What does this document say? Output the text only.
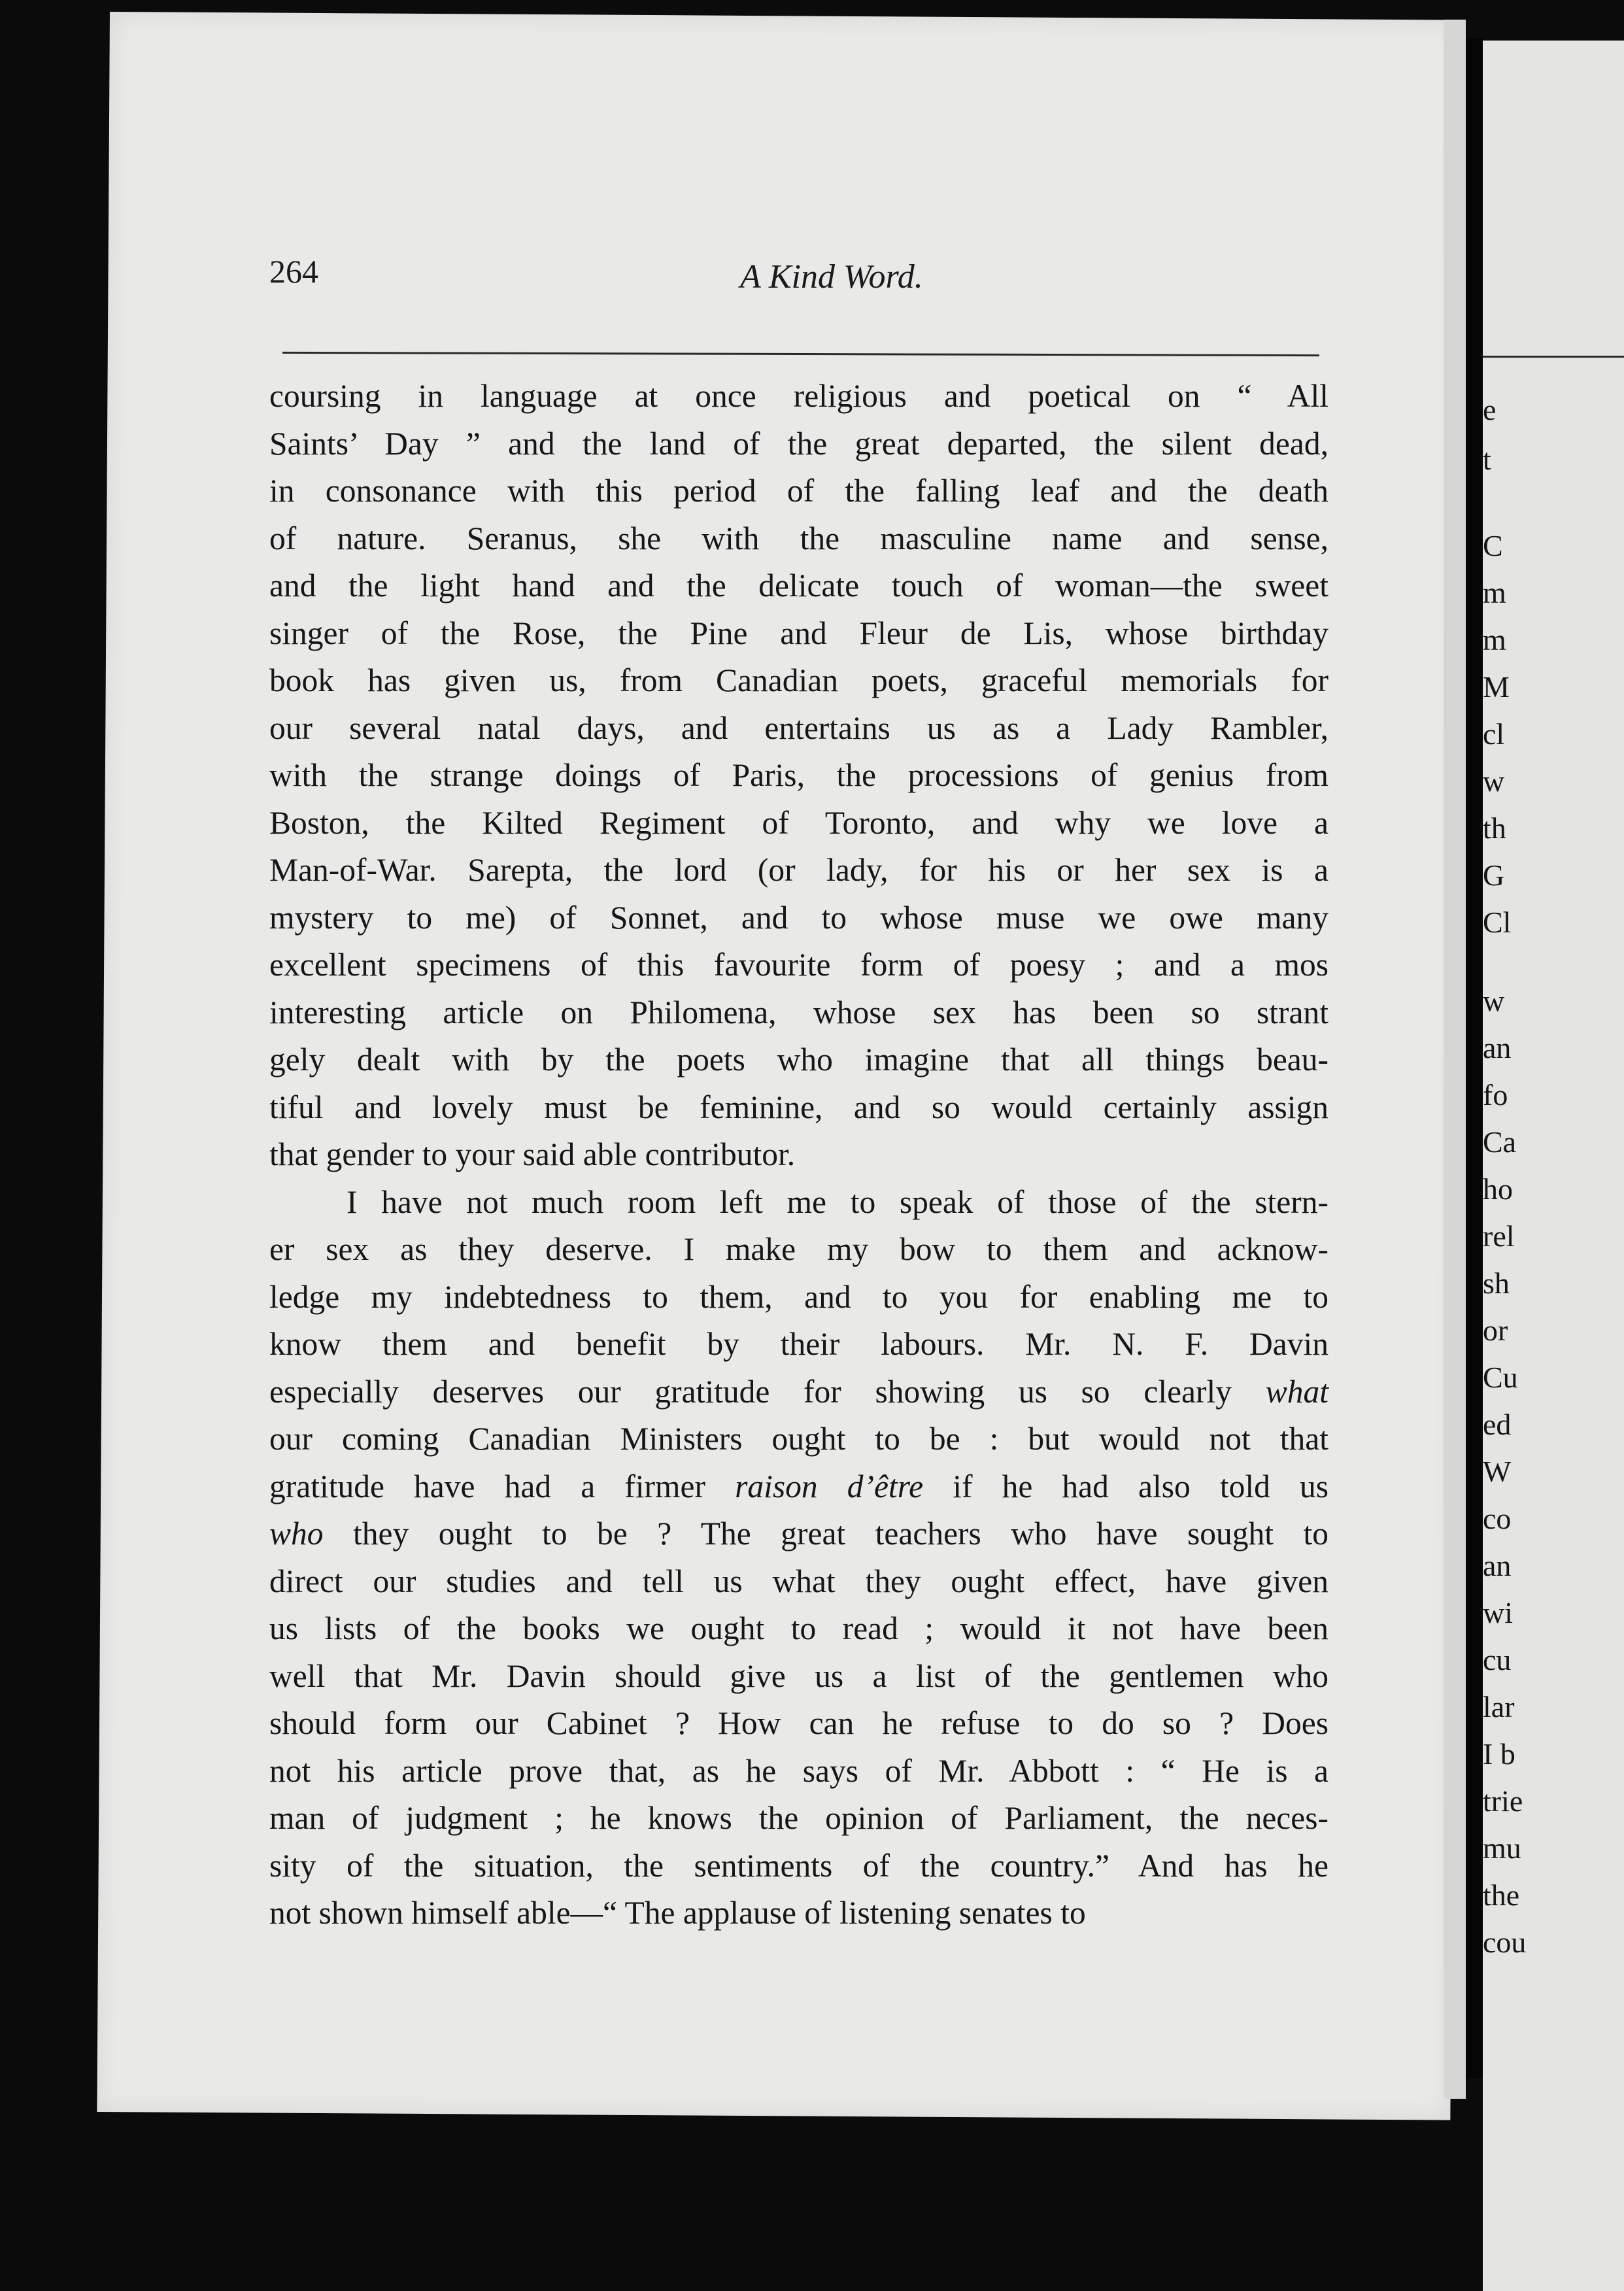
e
t
C
m
m
M
cl
w
th
G
Cl
w
an
fo
Ca
ho
rel
sh
or
Cu
ed
W
co
an
wi
cu
lar
I b
trie
mu
the
cou
264	A Kind Word.
coursing in language at once religious and poetical on “ All
Saints’ Day ” and the land of the great departed, the silent dead,
in consonance with this period of the falling leaf and the death
of nature. Seranus, she with the masculine name and sense,
and the light hand and the delicate touch of woman—the sweet
singer of the Rose, the Pine and Fleur de Lis, whose birthday
book has given us, from Canadian poets, graceful memorials for
our several natal days, and entertains us as a Lady Rambler,
with the strange doings of Paris, the processions of genius from
Boston, the Kilted Regiment of Toronto, and why we love a
Man-of-War. Sarepta, the lord (or lady, for his or her sex is a
mystery to me) of Sonnet, and to whose muse we owe many
excellent specimens of this favourite form of poesy ; and a mos
interesting article on Philomena, whose sex has been so strant
gely dealt with by the poets who imagine that all things beau-
tiful and lovely must be feminine, and so would certainly assign
that gender to your said able contributor.
I have not much room left me to speak of those of the stern-
er sex as they deserve. I make my bow to them and acknow-
ledge my indebtedness to them, and to you for enabling me to
know them and benefit by their labours. Mr. N. F. Davin
especially deserves our gratitude for showing us so clearly what
our coming Canadian Ministers ought to be : but would not that
gratitude have had a firmer raison d’être if he had also told us
who they ought to be ? The great teachers who have sought to
direct our studies and tell us what they ought effect, have given
us lists of the books we ought to read ; would it not have been
well that Mr. Davin should give us a list of the gentlemen who
should form our Cabinet ? How can he refuse to do so ? Does
not his article prove that, as he says of Mr. Abbott : “ He is a
man of judgment ; he knows the opinion of Parliament, the neces-
sity of the situation, the sentiments of the country.” And has he
not shown himself able—“ The applause of listening senates to
